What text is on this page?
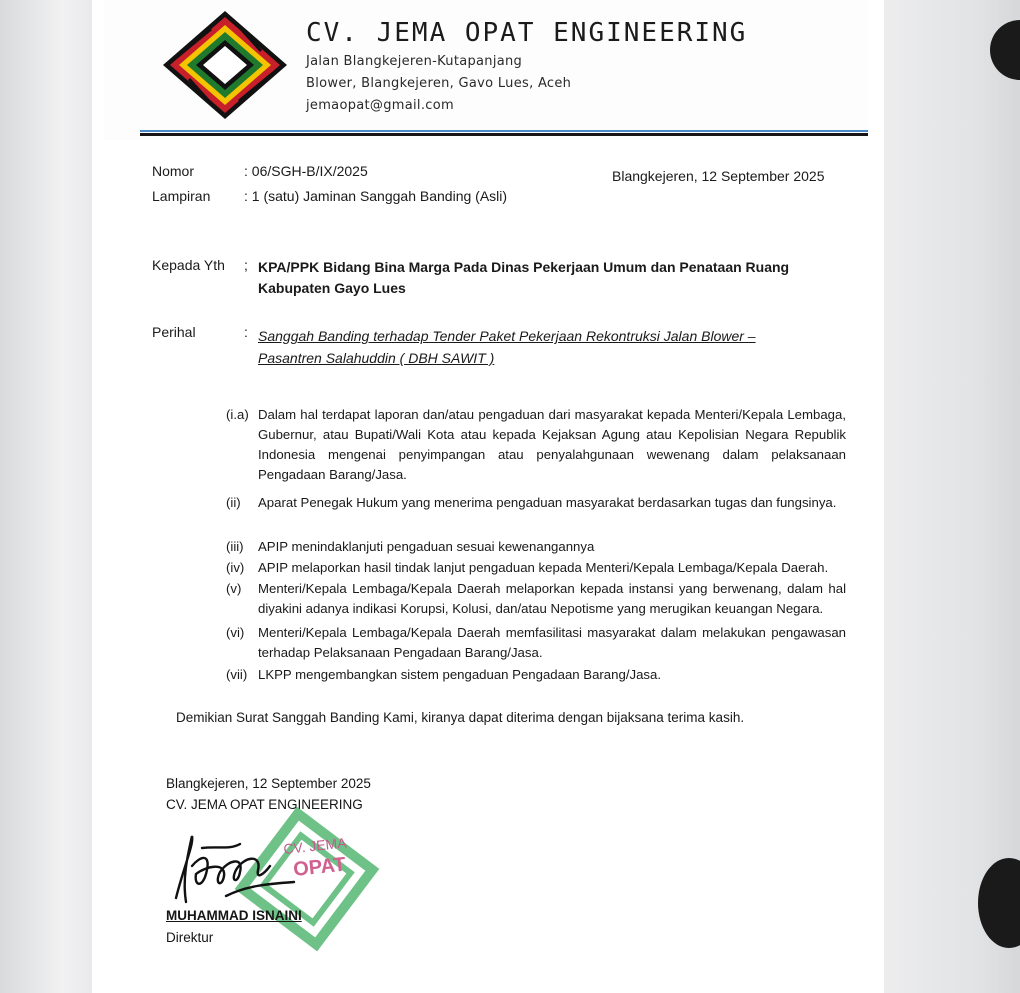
CV. JEMA OPAT ENGINEERING
Jalan Blangkejeren-Kutapanjang
Blower, Blangkejeren, Gavo Lues, Aceh
jemaopat@gmail.com
Nomor	: 06/SGH-B/IX/2025
Lampiran : 1 (satu) Jaminan Sanggah Banding (Asli)
Blangkejeren, 12 September 2025
Kepada Yth ; KPA/PPK Bidang Bina Marga Pada Dinas Pekerjaan Umum dan Penataan Ruang
Kabupaten Gayo Lues
Perihal	: Sanggah Banding terhadap Tender Paket Pekerjaan Rekontruksi Jalan Blower –
Pasantren Salahuddin ( DBH SAWIT )
(i.a) Dalam hal terdapat laporan dan/atau pengaduan dari masyarakat kepada Menteri/Kepala Lembaga, Gubernur, atau Bupati/Wali Kota atau kepada Kejaksan Agung atau Kepolisian Negara Republik Indonesia mengenai penyimpangan atau penyalahgunaan wewenang dalam pelaksanaan Pengadaan Barang/Jasa.
(ii) Aparat Penegak Hukum yang menerima pengaduan masyarakat berdasarkan tugas dan fungsinya.
(iii) APIP menindaklanjuti pengaduan sesuai kewenangannya
(iv) APIP melaporkan hasil tindak lanjut pengaduan kepada Menteri/Kepala Lembaga/Kepala Daerah.
(v) Menteri/Kepala Lembaga/Kepala Daerah melaporkan kepada instansi yang berwenang, dalam hal diyakini adanya indikasi Korupsi, Kolusi, dan/atau Nepotisme yang merugikan keuangan Negara.
(vi) Menteri/Kepala Lembaga/Kepala Daerah memfasilitasi masyarakat dalam melakukan pengawasan terhadap Pelaksanaan Pengadaan Barang/Jasa.
(vii) LKPP mengembangkan sistem pengaduan Pengadaan Barang/Jasa.
Demikian Surat Sanggah Banding Kami, kiranya dapat diterima dengan bijaksana terima kasih.
Blangkejeren, 12 September 2025
CV. JEMA OPAT ENGINEERING
CV. JEMA
OPAT
MUHAMMAD ISNAINI
Direktur
